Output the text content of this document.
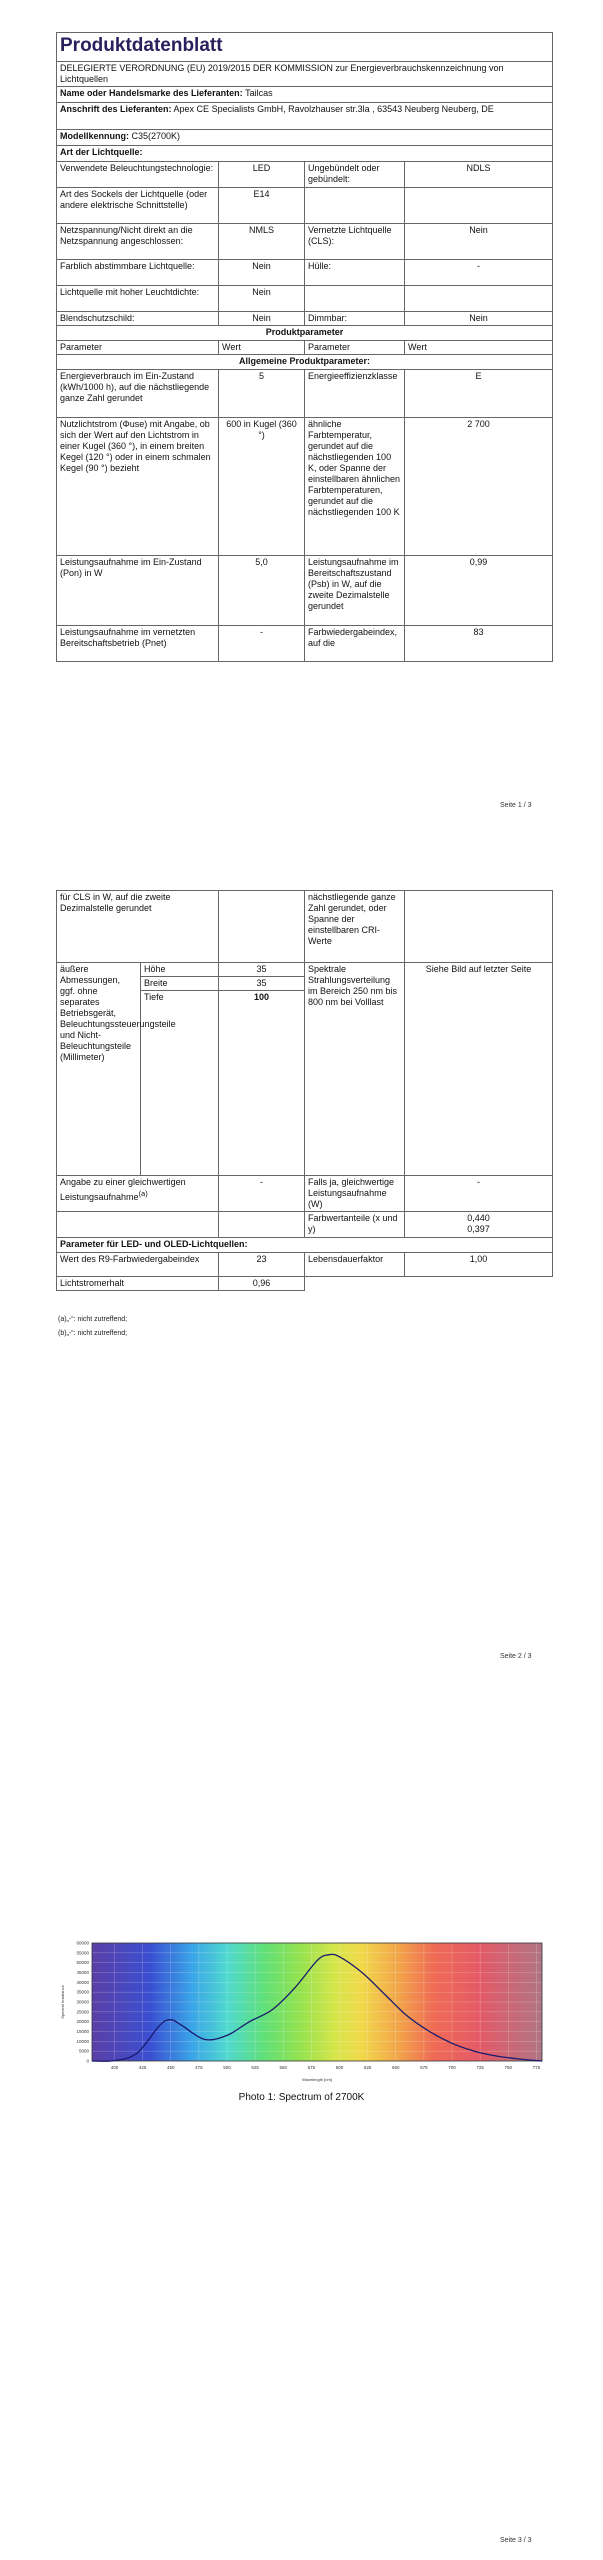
Produktdatenblatt			
DELEGIERTE VERORDNUNG (EU) 2019/2015 DER KOMMISSION zur Energieverbrauchskennzeichnung von Lichtquellen			
Name oder Handelsmarke des Lieferanten: Tailcas			
Anschrift des Lieferanten: Apex CE Specialists GmbH, Ravolzhauser str.3la , 63543 Neuberg Neuberg, DE			
Modellkennung: C35(2700K)			
Art der Lichtquelle:			
Verwendete Beleuchtungstechnologie:	LED	Ungebündelt oder gebündelt:	NDLS
Art des Sockels der Lichtquelle (oder andere elektrische Schnittstelle)	E14		
Netzspannung/Nicht direkt an die Netzspannung angeschlossen:	NMLS	Vernetzte Lichtquelle (CLS):	Nein
Farblich abstimmbare Lichtquelle:	Nein	Hülle:	-
Lichtquelle mit hoher Leuchtdichte:	Nein		
Blendschutzschild:	Nein	Dimmbar:	Nein
Produktparameter			
Parameter	Wert	Parameter	Wert
Allgemeine Produktparameter:			
Energieverbrauch im Ein-Zustand (kWh/1000 h), auf die nächstliegende ganze Zahl gerundet	5	Energieeffizienzklasse	E
Nutzlichtstrom (Φuse) mit Angabe, ob sich der Wert auf den Lichtstrom in einer Kugel (360 °), in einem breiten Kegel (120 °) oder in einem schmalen Kegel (90 °) bezieht	600 in Kugel (360 °)	ähnliche Farbtemperatur, gerundet auf die nächstliegenden 100 K, oder Spanne der einstellbaren ähnlichen Farbtemperaturen, gerundet auf die nächstliegenden 100 K	2 700
Leistungsaufnahme im Ein-Zustand (Pon) in W	5,0	Leistungsaufnahme im Bereitschaftszustand (Psb) in W, auf die zweite Dezimalstelle gerundet	0,99
Leistungsaufnahme im vernetzten Bereitschaftsbetrieb (Pnet)	-	Farbwiedergabeindex, auf die	83
Seite 1 / 3
für CLS in W, auf die zweite Dezimalstelle gerundet			nächstliegende ganze Zahl gerundet, oder Spanne der einstellbaren CRI-Werte	
äußere Abmessungen, ggf. ohne separates Betriebsgerät, Beleuchtungssteuerungsteile und Nicht-Beleuchtungsteile (Millimeter)	Höhe	35	Spektrale Strahlungsverteilung im Bereich 250 nm bis 800 nm bei Volllast	Siehe Bild auf letzter Seite
	Breite	35		
	Tiefe	100		
Angabe zu einer gleichwertigen Leistungsaufnahme$^{(a)}$		-	Falls ja, gleichwertige Leistungsaufnahme (W)	-
			Farbwertanteile (x und y)	0,440
0,397

Parameter für LED- und OLED-Lichtquellen:				
Wert des R9-Farbwiedergabeindex		23	Lebensdauerfaktor	1,00
Lichtstromerhalt		0,96		
(a)„-“: nicht zutreffend;
(b)„-“: nicht zutreffend;
Seite 2 / 3
400	425	450	475	500	525	550	575	600	625	650	675	700	725	750	775
0
5000
10000
15000
20000
25000
30000
35000
40000
45000
50000
55000
60000
Wavelength [nm]
Spectral Irradiance
Photo 1: Spectrum of 2700K
Seite 3 / 3
